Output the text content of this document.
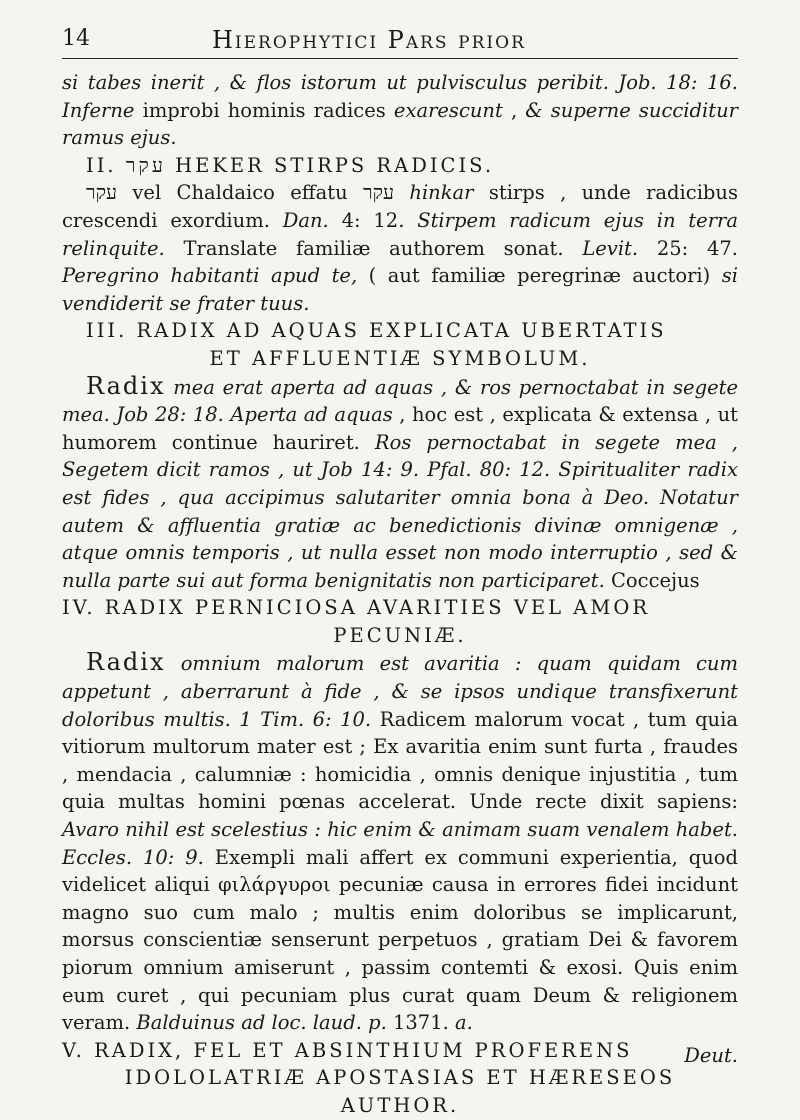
14	Hierophytici Pars prior

si tabes inerit , & flos istorum ut pulvisculus peribit. Job. 18: 16. Inferne improbi hominis radices exarescunt , & superne succiditur ramus ejus.

II. עקר HEKER STIRPS RADICIS.

עקר vel Chaldaico effatu עקר hinkar stirps , unde radicibus crescendi exordium. Dan. 4: 12. Stirpem radicum ejus in terra relinquite. Translate familiæ authorem sonat. Levit. 25: 47. Peregrino habitanti apud te, ( aut familiæ peregrinæ auctori) si vendiderit se frater tuus.

III. RADIX AD AQUAS EXPLICATA UBERTATIS

ET AFFLUENTIÆ SYMBOLUM.

Radix mea erat aperta ad aquas , & ros pernoctabat in segete mea. Job 28: 18. Aperta ad aquas , hoc est , explicata & extensa , ut humorem continue hauriret. Ros pernoctabat in segete mea , Segetem dicit ramos , ut Job 14: 9. Pfal. 80: 12. Spiritualiter radix est fides , qua accipimus salutariter omnia bona à Deo. Notatur autem & affluentia gratiæ ac benedictionis divinæ omnigenæ , atque omnis temporis , ut nulla esset non modo interruptio , sed & nulla parte sui aut forma benignitatis non participaret. Coccejus

IV. RADIX PERNICIOSA AVARITIES VEL AMOR

PECUNIÆ.

Radix omnium malorum est avaritia : quam quidam cum appetunt , aberrarunt à fide , & se ipsos undique transfixerunt doloribus multis. 1 Tim. 6: 10. Radicem malorum vocat , tum quia vitiorum multorum mater est ; Ex avaritia enim sunt furta , fraudes , mendacia , calumniæ : homicidia , omnis denique injustitia , tum quia multas homini pœnas accelerat. Unde recte dixit sapiens: Avaro nihil est scelestius : hic enim & animam suam venalem habet. Eccles. 10: 9. Exempli mali affert ex communi experientia, quod videlicet aliqui φιλάργυροι pecuniæ causa in errores fidei incidunt magno suo cum malo ; multis enim doloribus se implicarunt, morsus conscientiæ senserunt perpetuos , gratiam Dei & favorem piorum omnium amiserunt , passim contemti & exosi. Quis enim eum curet , qui pecuniam plus curat quam Deum & religionem veram. Balduinus ad loc. laud. p. 1371. a.

V. RADIX, FEL ET ABSINTHIUM PROFERENS

IDOLOLATRIÆ APOSTASIAS ET HÆRESEOS

AUTHOR.

Deut.
